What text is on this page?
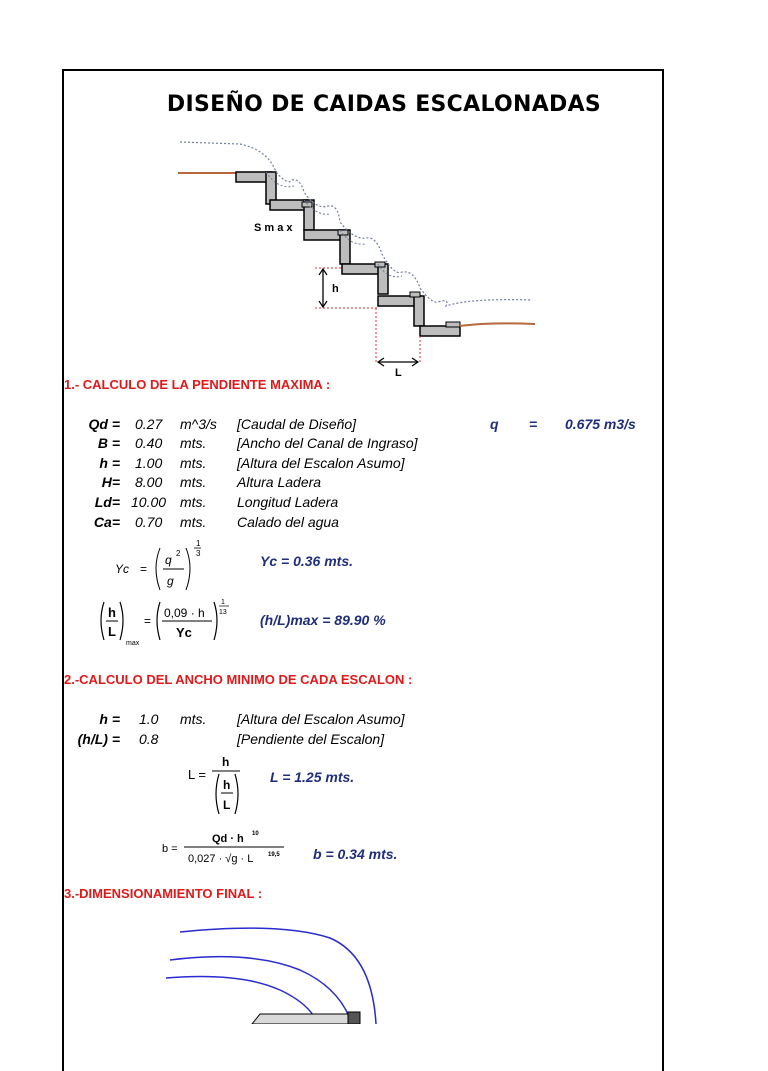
DISEÑO DE CAIDAS ESCALONADAS
S m a x
h
L
1.- CALCULO DE LA PENDIENTE MAXIMA :
Qd = 0.27 m^3/s [Caudal de Diseño]
B = 0.40 mts. [Ancho del Canal de Ingraso]
h = 1.00 mts. [Altura del Escalon Asumo]
H= 8.00 mts. Altura Ladera
Ld= 10.00 mts. Longitud Ladera
Ca= 0.70 mts. Calado del agua
q = 0.675 m3/s
Yc =
q 2
g
1
3	Yc = 0.36 mts.
h
L
max
=
0,09 · h
Yc
1
13 (h/L)max = 89.90 %
2.-CALCULO DEL ANCHO MINIMO DE CADA ESCALON :
h = 1.0 mts. [Altura del Escalon Asumo]
(h/L) = 0.8	[Pendiente del Escalon]
L =
h
h
L
L = 1.25 mts.
b =
Qd · h 10
0,027 · √g · L 19,5 b = 0.34 mts.
3.-DIMENSIONAMIENTO FINAL :
